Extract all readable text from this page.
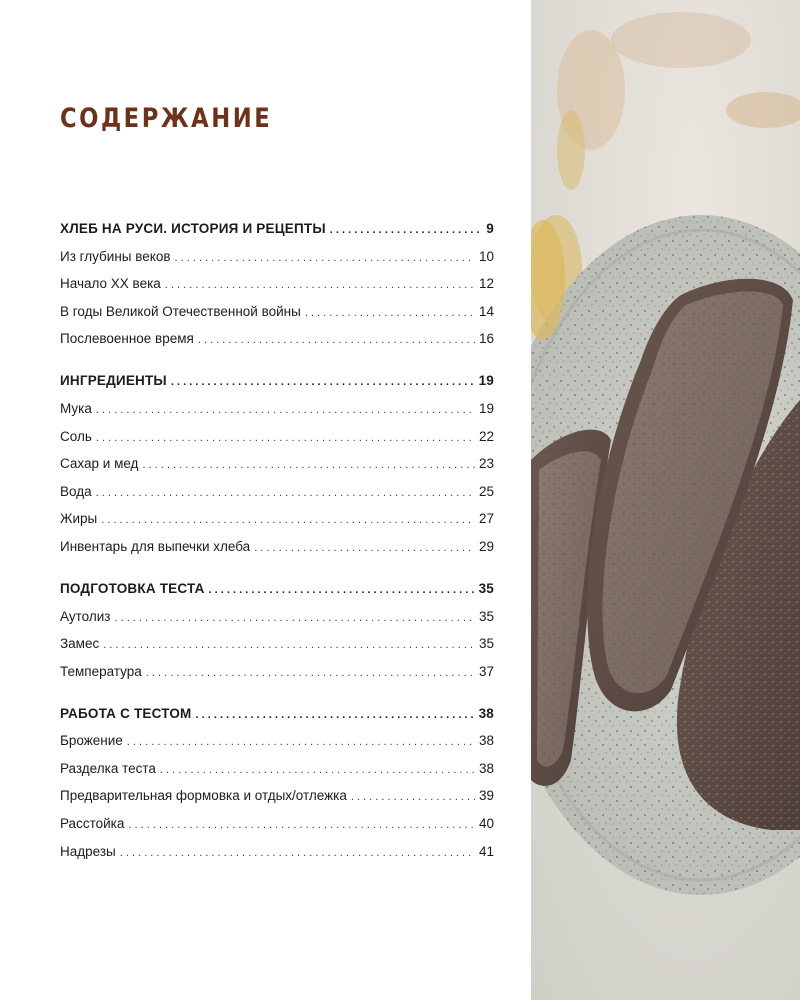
СОДЕРЖАНИЕ
ХЛЕБ НА РУСИ. ИСТОРИЯ И РЕЦЕПТЫ . . .	9
Из глубины веков . . .	10
Начало ХХ века . . .	12
В годы Великой Отечественной войны . . .	14
Послевоенное время . . .	16
ИНГРЕДИЕНТЫ . . .	19
Мука . . .	19
Соль . . .	22
Сахар и мед . . .	23
Вода . . .	25
Жиры . . .	27
Инвентарь для выпечки хлеба . . .	29
ПОДГОТОВКА ТЕСТА . . .	35
Аутолиз . . .	35
Замес . . .	35
Температура . . .	37
РАБОТА С ТЕСТОМ . . .	38
Брожение . . .	38
Разделка теста . . .	38
Предварительная формовка и отдых/отлежка . . .	39
Расстойка . . .	40
Надрезы . . .	41
